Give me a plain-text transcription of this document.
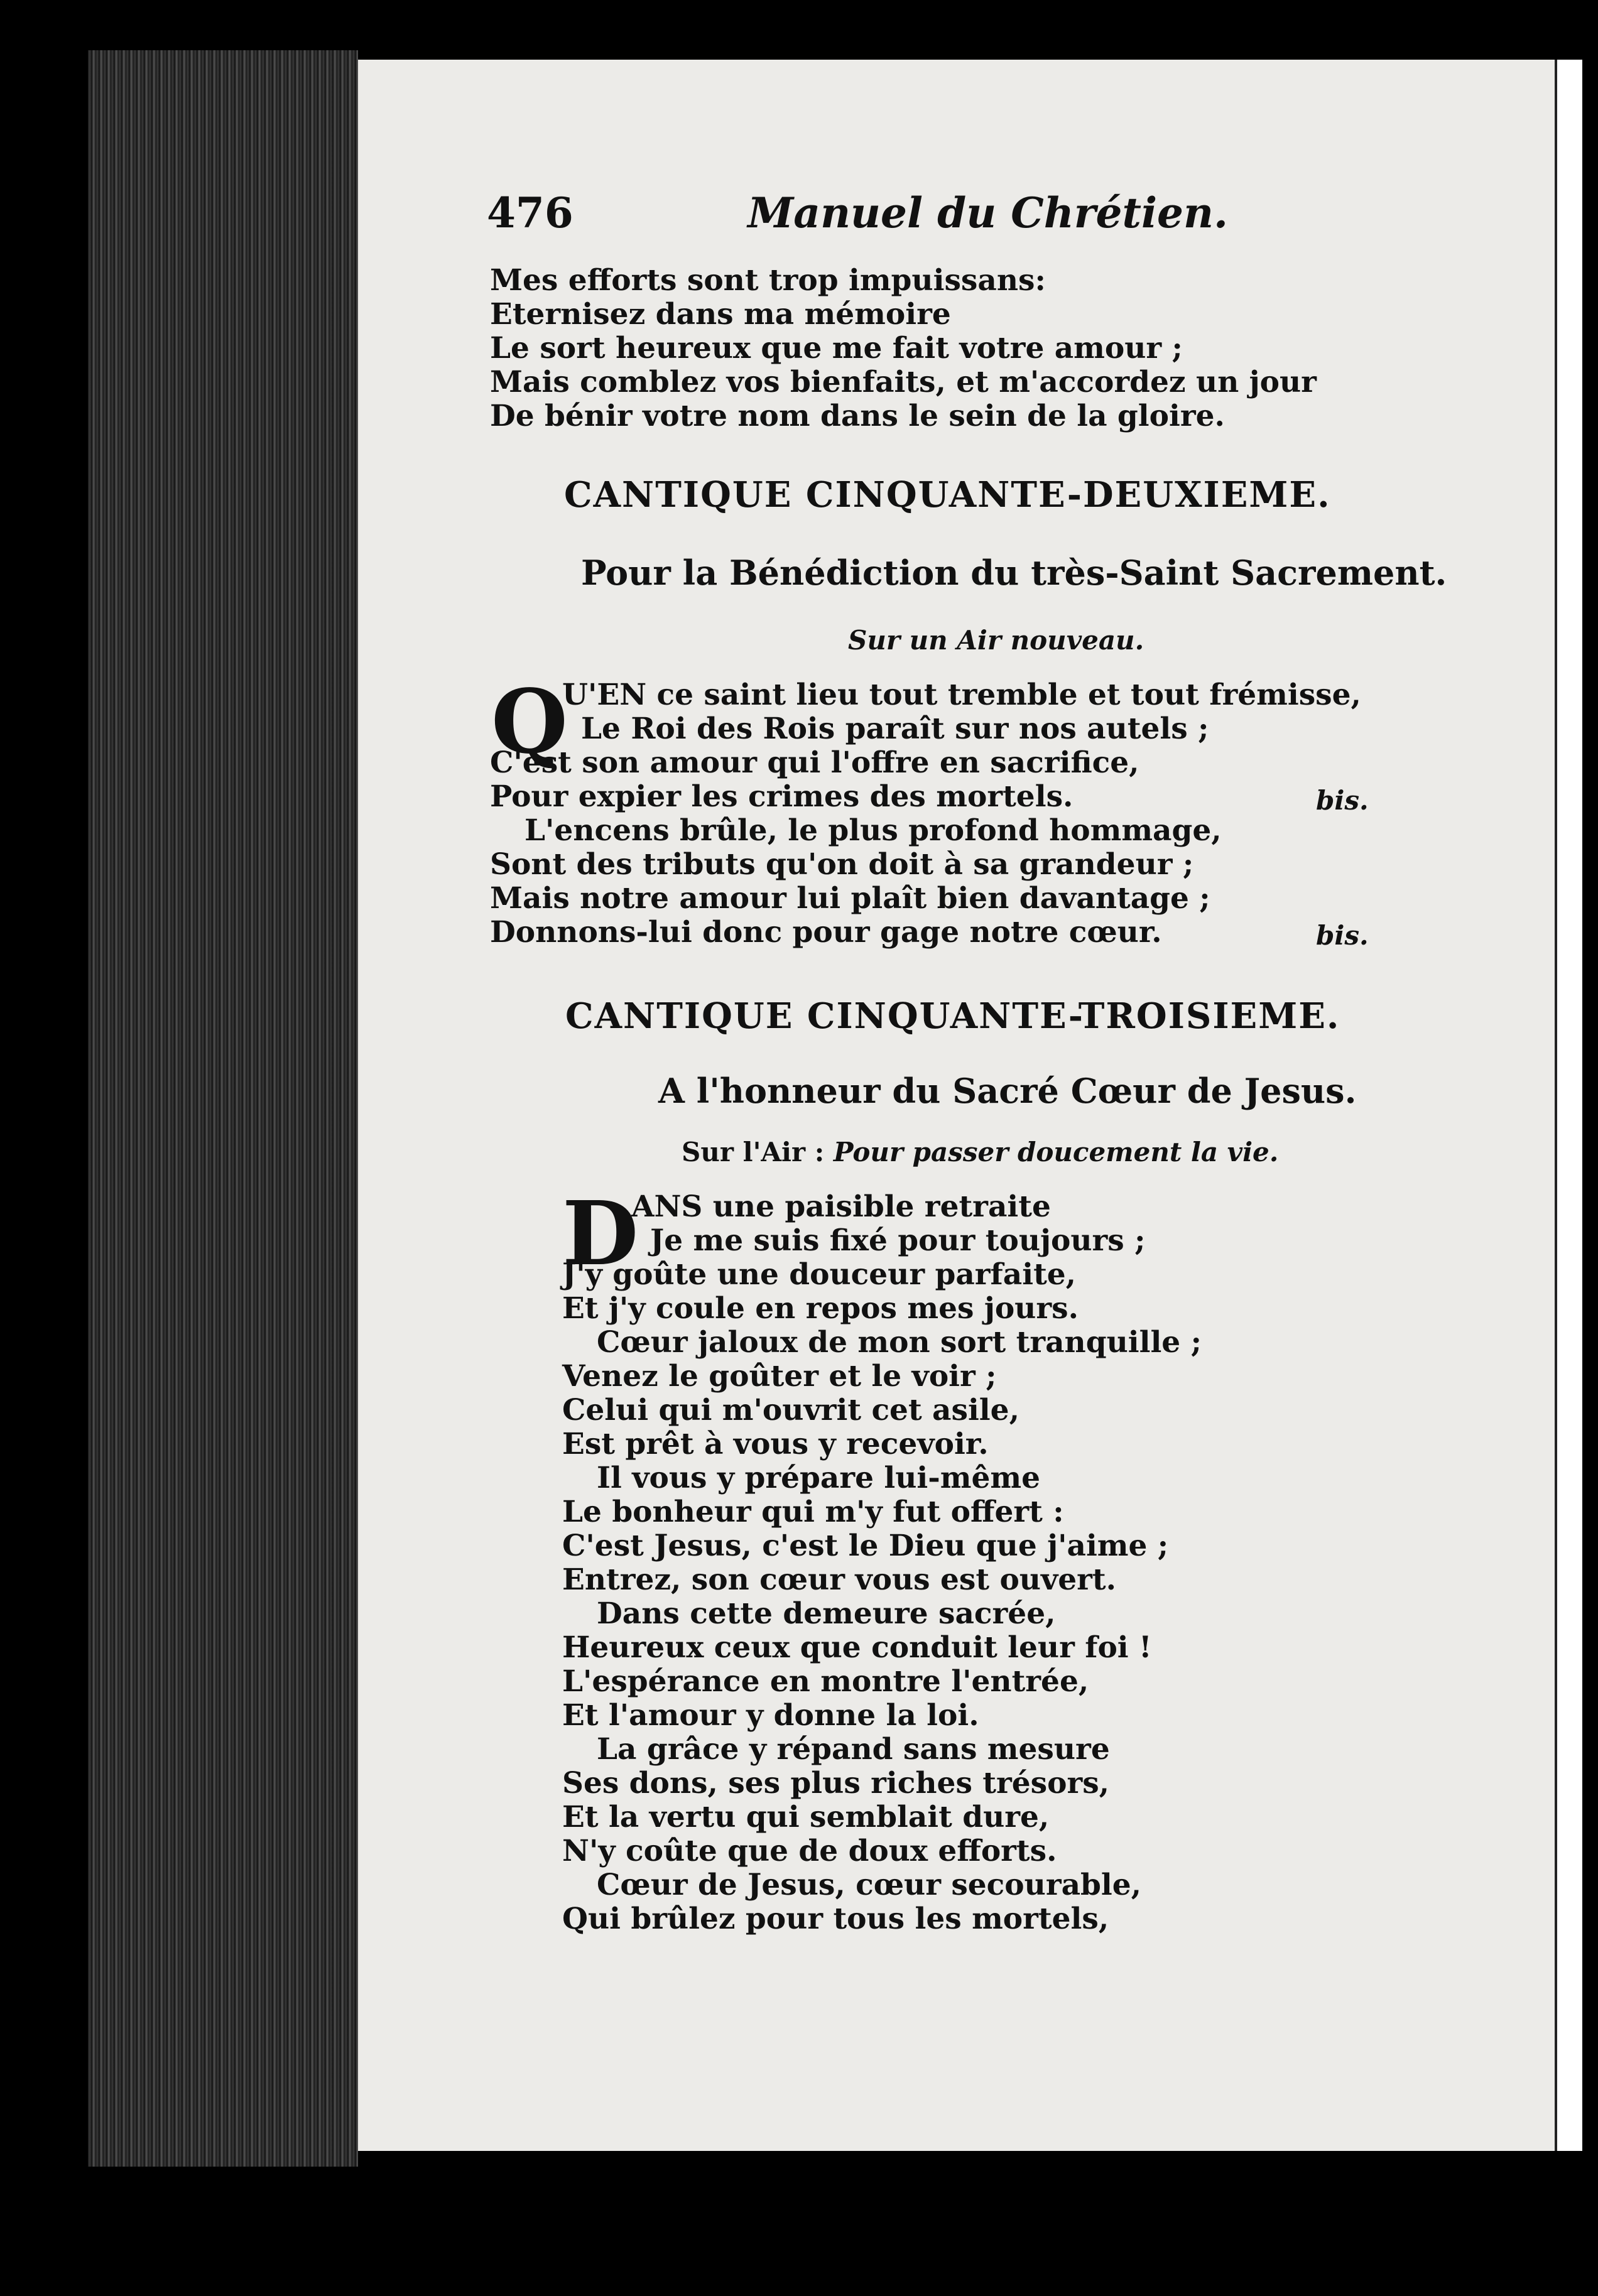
476	Manuel du Chrétien.
Mes efforts sont trop impuissans:
Eternisez dans ma mémoire
Le sort heureux que me fait votre amour ;
Mais comblez vos bienfaits, et m'accordez un jour
De bénir votre nom dans le sein de la gloire.
CANTIQUE CINQUANTE-DEUXIEME.
Pour la Bénédiction du très-Saint Sacrement.
Sur un Air nouveau.
Q
U'EN ce saint lieu tout tremble et tout frémisse,
Le Roi des Rois paraît sur nos autels ;
C'est son amour qui l'offre en sacrifice,
Pour expier les crimes des mortels.
L'encens brûle, le plus profond hommage,
Sont des tributs qu'on doit à sa grandeur ;
Mais notre amour lui plaît bien davantage ;
Donnons-lui donc pour gage notre cœur.
bis.
bis.
CANTIQUE CINQUANTE-TROISIEME.
A l'honneur du Sacré Cœur de Jesus.
Sur l'Air : Pour passer doucement la vie.
D
ANS une paisible retraite
Je me suis fixé pour toujours ;
J'y goûte une douceur parfaite,
Et j'y coule en repos mes jours.
Cœur jaloux de mon sort tranquille ;
Venez le goûter et le voir ;
Celui qui m'ouvrit cet asile,
Est prêt à vous y recevoir.
Il vous y prépare lui-même
Le bonheur qui m'y fut offert :
C'est Jesus, c'est le Dieu que j'aime ;
Entrez, son cœur vous est ouvert.
Dans cette demeure sacrée,
Heureux ceux que conduit leur foi !
L'espérance en montre l'entrée,
Et l'amour y donne la loi.
La grâce y répand sans mesure
Ses dons, ses plus riches trésors,
Et la vertu qui semblait dure,
N'y coûte que de doux efforts.
Cœur de Jesus, cœur secourable,
Qui brûlez pour tous les mortels,
